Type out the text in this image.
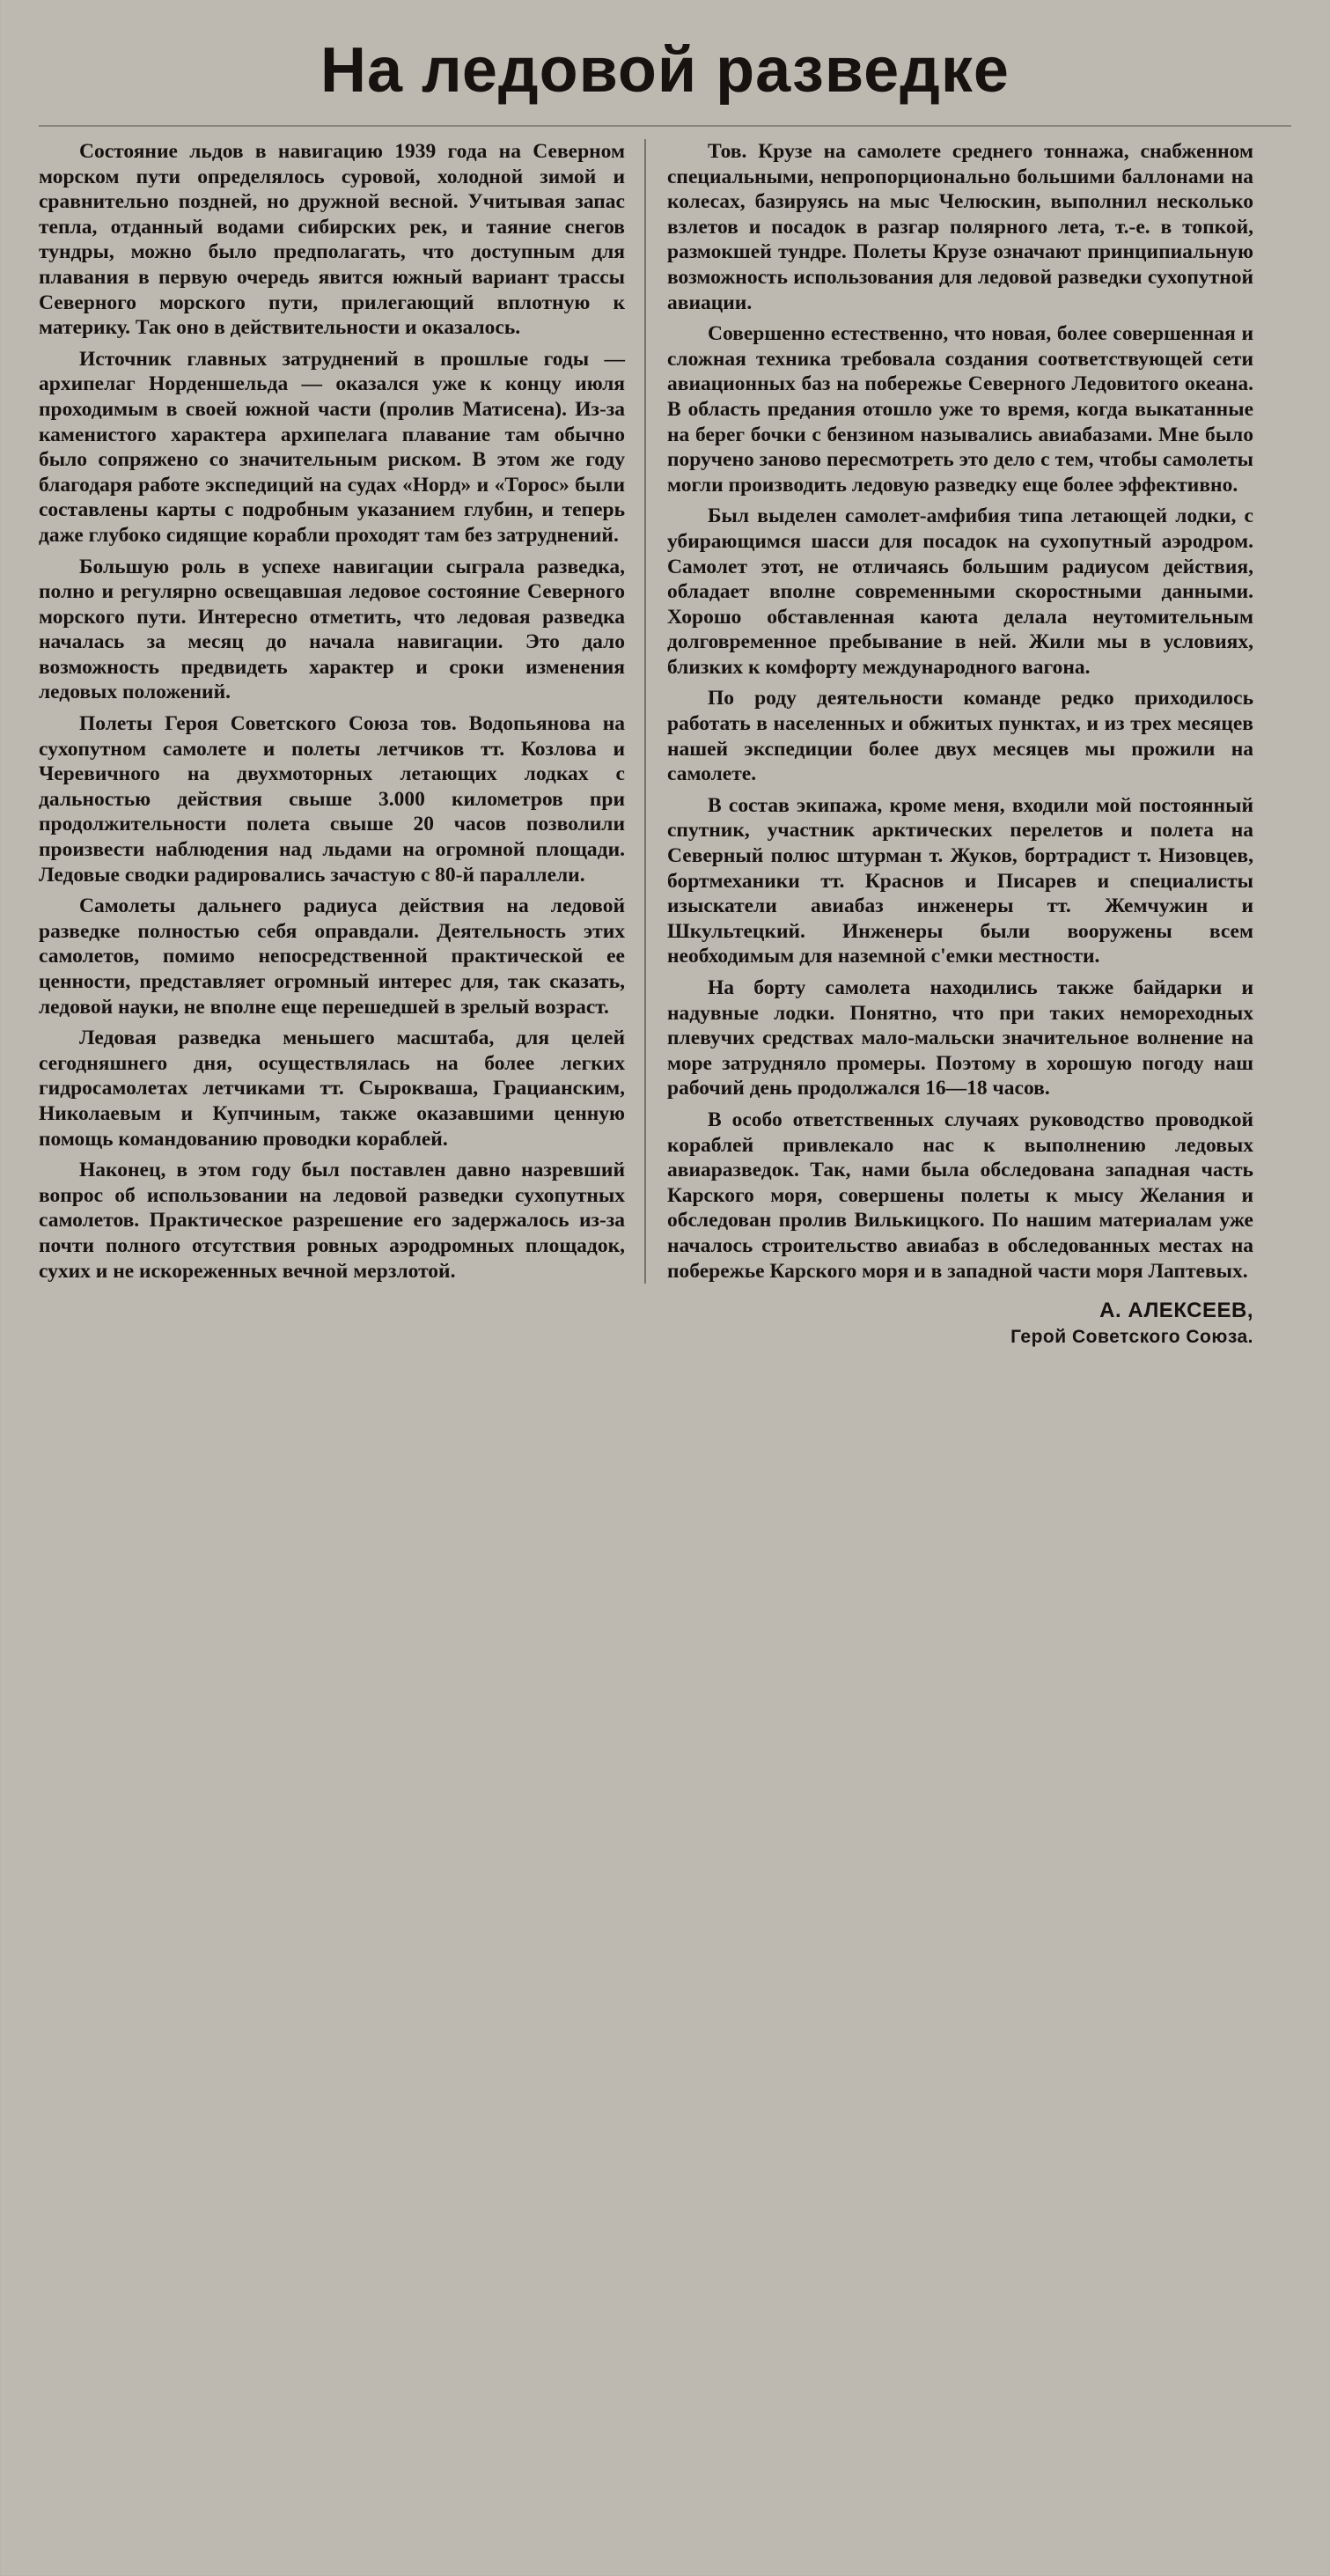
На ледовой разведке

Состояние льдов в навигацию 1939 года на Северном морском пути определялось суровой, холодной зимой и сравнительно поздней, но дружной весной. Учитывая запас тепла, отданный водами сибирских рек, и таяние снегов тундры, можно было предполагать, что доступным для плавания в первую очередь явится южный вариант трассы Северного морского пути, прилегающий вплотную к материку. Так оно в действительности и оказалось.

Источник главных затруднений в прошлые годы — архипелаг Норденшельда — оказался уже к концу июля проходимым в своей южной части (пролив Матисена). Из-за каменистого характера архипелага плавание там обычно было сопряжено со значительным риском. В этом же году благодаря работе экспедиций на судах «Норд» и «Торос» были составлены карты с подробным указанием глубин, и теперь даже глубоко сидящие корабли проходят там без затруднений.

Большую роль в успехе навигации сыграла разведка, полно и регулярно освещавшая ледовое состояние Северного морского пути. Интересно отметить, что ледовая разведка началась за месяц до начала навигации. Это дало возможность предвидеть характер и сроки изменения ледовых положений.

Полеты Героя Советского Союза тов. Водопьянова на сухопутном самолете и полеты летчиков тт. Козлова и Черевичного на двухмоторных летающих лодках с дальностью действия свыше 3.000 километров при продолжительности полета свыше 20 часов позволили произвести наблюдения над льдами на огромной площади. Ледовые сводки радировались зачастую с 80-й параллели.

Самолеты дальнего радиуса действия на ледовой разведке полностью себя оправдали. Деятельность этих самолетов, помимо непосредственной практической ее ценности, представляет огромный интерес для, так сказать, ледовой науки, не вполне еще перешедшей в зрелый возраст.

Ледовая разведка меньшего масштаба, для целей сегодняшнего дня, осуществлялась на более легких гидросамолетах летчиками тт. Сыроквашa, Грацианским, Николаевым и Купчиным, также оказавшими ценную помощь командованию проводки кораблей.

Наконец, в этом году был поставлен давно назревший вопрос об использовании на ледовой разведки сухопутных самолетов. Практическое разрешение его задержалось из-за почти полного отсутствия ровных аэродромных площадок, сухих и не искореженных вечной мерзлотой.

Тов. Крузе на самолете среднего тоннажа, снабженном специальными, непропорционально большими баллонами на колесах, базируясь на мыс Челюскин, выполнил несколько взлетов и посадок в разгар полярного лета, т.-е. в топкой, размокшей тундре. Полеты Крузе означают принципиальную возможность использования для ледовой разведки сухопутной авиации.

Совершенно естественно, что новая, более совершенная и сложная техника требовала создания соответствующей сети авиационных баз на побережье Северного Ледовитого океана. В область предания отошло уже то время, когда выкатанные на берег бочки с бензином назывались авиабазами. Мне было поручено заново пересмотреть это дело с тем, чтобы самолеты могли производить ледовую разведку еще более эффективно.

Был выделен самолет-амфибия типа летающей лодки, с убирающимся шасси для посадок на сухопутный аэродром. Самолет этот, не отличаясь большим радиусом действия, обладает вполне современными скоростными данными. Хорошо обставленная каюта делала неутомительным долговременное пребывание в ней. Жили мы в условиях, близких к комфорту международного вагона.

По роду деятельности команде редко приходилось работать в населенных и обжитых пунктах, и из трех месяцев нашей экспедиции более двух месяцев мы прожили на самолете.

В состав экипажа, кроме меня, входили мой постоянный спутник, участник арктических перелетов и полета на Северный полюс штурман т. Жуков, бортрадист т. Низовцев, бортмеханики тт. Краснов и Писарев и специалисты изыскатели авиабаз инженеры тт. Жемчужин и Шкультецкий. Инженеры были вооружены всем необходимым для наземной с'емки местности.

На борту самолета находились также байдарки и надувные лодки. Понятно, что при таких немореходных плевучих средствах мало-мальски значительное волнение на море затрудняло промеры. Поэтому в хорошую погоду наш рабочий день продолжался 16—18 часов.

В особо ответственных случаях руководство проводкой кораблей привлекало нас к выполнению ледовых авиаразведок. Так, нами была обследована западная часть Карского моря, совершены полеты к мысу Желания и обследован пролив Вилькицкого. По нашим материалам уже началось строительство авиабаз в обследованных местах на побережье Карского моря и в западной части моря Лаптевых.

А. АЛЕКСЕЕВ,
Герой Советского Союза.
